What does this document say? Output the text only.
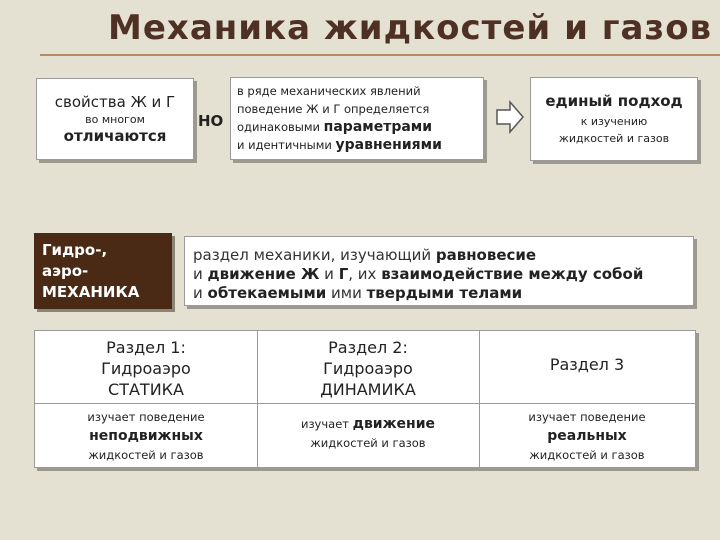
Механика жидкостей и газов
свойства Ж и Г
во многом
отличаются
НО
в ряде механических явлений
поведение Ж и Г определяется
одинаковыми параметрами
и идентичными уравнениями
единый подход
к изучению
жидкостей и газов
Гидро-,
аэро-
МЕХАНИКА
раздел механики, изучающий равновесие
и движение Ж и Г, их взаимодействие между собой
и обтекаемыми ими твердыми телами
Раздел 1:
Гидроаэро
СТАТИКА
Раздел 2:
Гидроаэро
ДИНАМИКА
Раздел 3
изучает поведение
неподвижных
жидкостей и газов
изучает движение
жидкостей и газов
изучает поведение
реальных
жидкостей и газов
